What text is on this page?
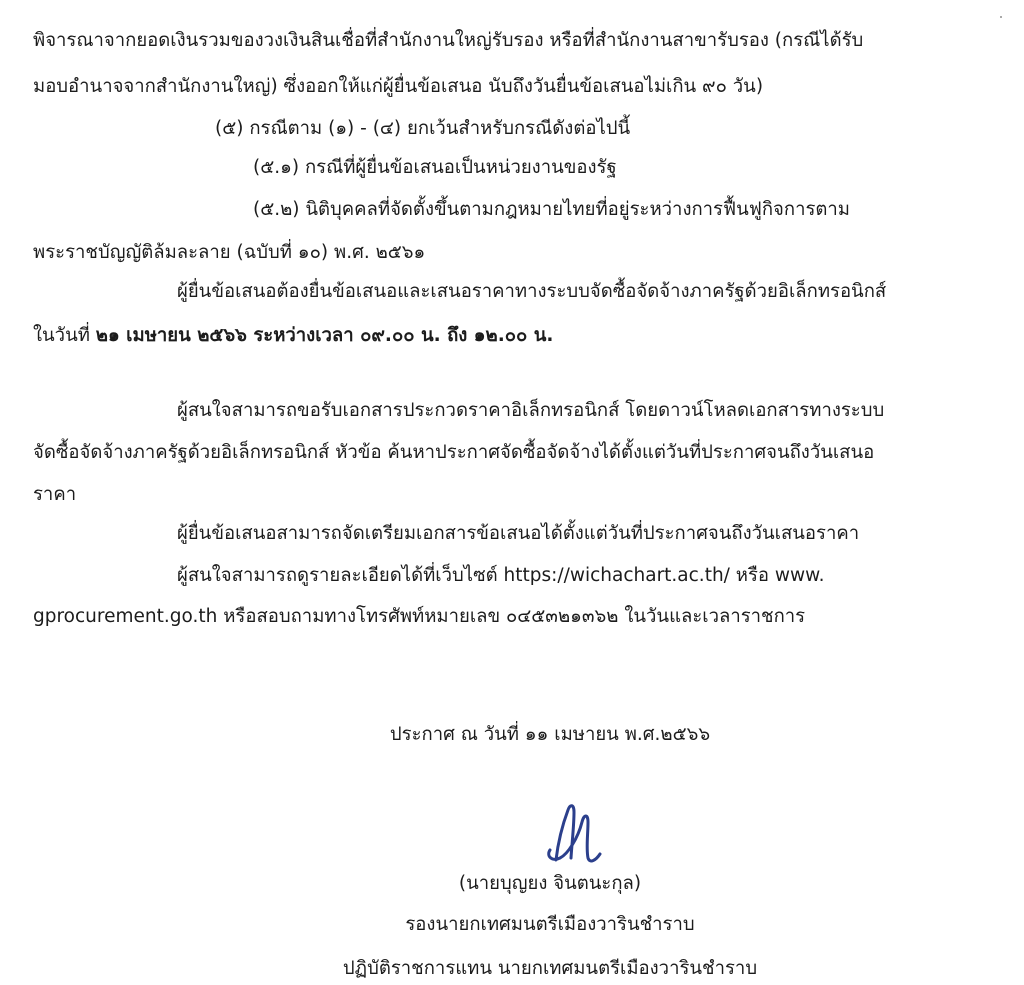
พิจารณาจากยอดเงินรวมของวงเงินสินเชื่อที่สำนักงานใหญ่รับรอง หรือที่สำนักงานสาขารับรอง (กรณีได้รับ
มอบอำนาจจากสำนักงานใหญ่) ซึ่งออกให้แก่ผู้ยื่นข้อเสนอ นับถึงวันยื่นข้อเสนอไม่เกิน ๙๐ วัน)
(๕) กรณีตาม (๑) - (๔) ยกเว้นสำหรับกรณีดังต่อไปนี้
(๕.๑) กรณีที่ผู้ยื่นข้อเสนอเป็นหน่วยงานของรัฐ
(๕.๒) นิติบุคคลที่จัดตั้งขึ้นตามกฎหมายไทยที่อยู่ระหว่างการฟื้นฟูกิจการตาม
พระราชบัญญัติล้มละลาย (ฉบับที่ ๑๐) พ.ศ. ๒๕๖๑
ผู้ยื่นข้อเสนอต้องยื่นข้อเสนอและเสนอราคาทางระบบจัดซื้อจัดจ้างภาครัฐด้วยอิเล็กทรอนิกส์
ในวันที่ ๒๑ เมษายน ๒๕๖๖ ระหว่างเวลา ๐๙.๐๐ น. ถึง ๑๒.๐๐ น.
ผู้สนใจสามารถขอรับเอกสารประกวดราคาอิเล็กทรอนิกส์ โดยดาวน์โหลดเอกสารทางระบบ
จัดซื้อจัดจ้างภาครัฐด้วยอิเล็กทรอนิกส์ หัวข้อ ค้นหาประกาศจัดซื้อจัดจ้างได้ตั้งแต่วันที่ประกาศจนถึงวันเสนอ
ราคา
ผู้ยื่นข้อเสนอสามารถจัดเตรียมเอกสารข้อเสนอได้ตั้งแต่วันที่ประกาศจนถึงวันเสนอราคา
ผู้สนใจสามารถดูรายละเอียดได้ที่เว็บไซต์ https://wichachart.ac.th/ หรือ www.
gprocurement.go.th หรือสอบถามทางโทรศัพท์หมายเลข ๐๔๕๓๒๑๓๖๒ ในวันและเวลาราชการ
ประกาศ ณ วันที่ ๑๑ เมษายน พ.ศ.๒๕๖๖
(นายบุญยง จินตนะกุล)
รองนายกเทศมนตรีเมืองวารินชำราบ
ปฏิบัติราชการแทน นายกเทศมนตรีเมืองวารินชำราบ
